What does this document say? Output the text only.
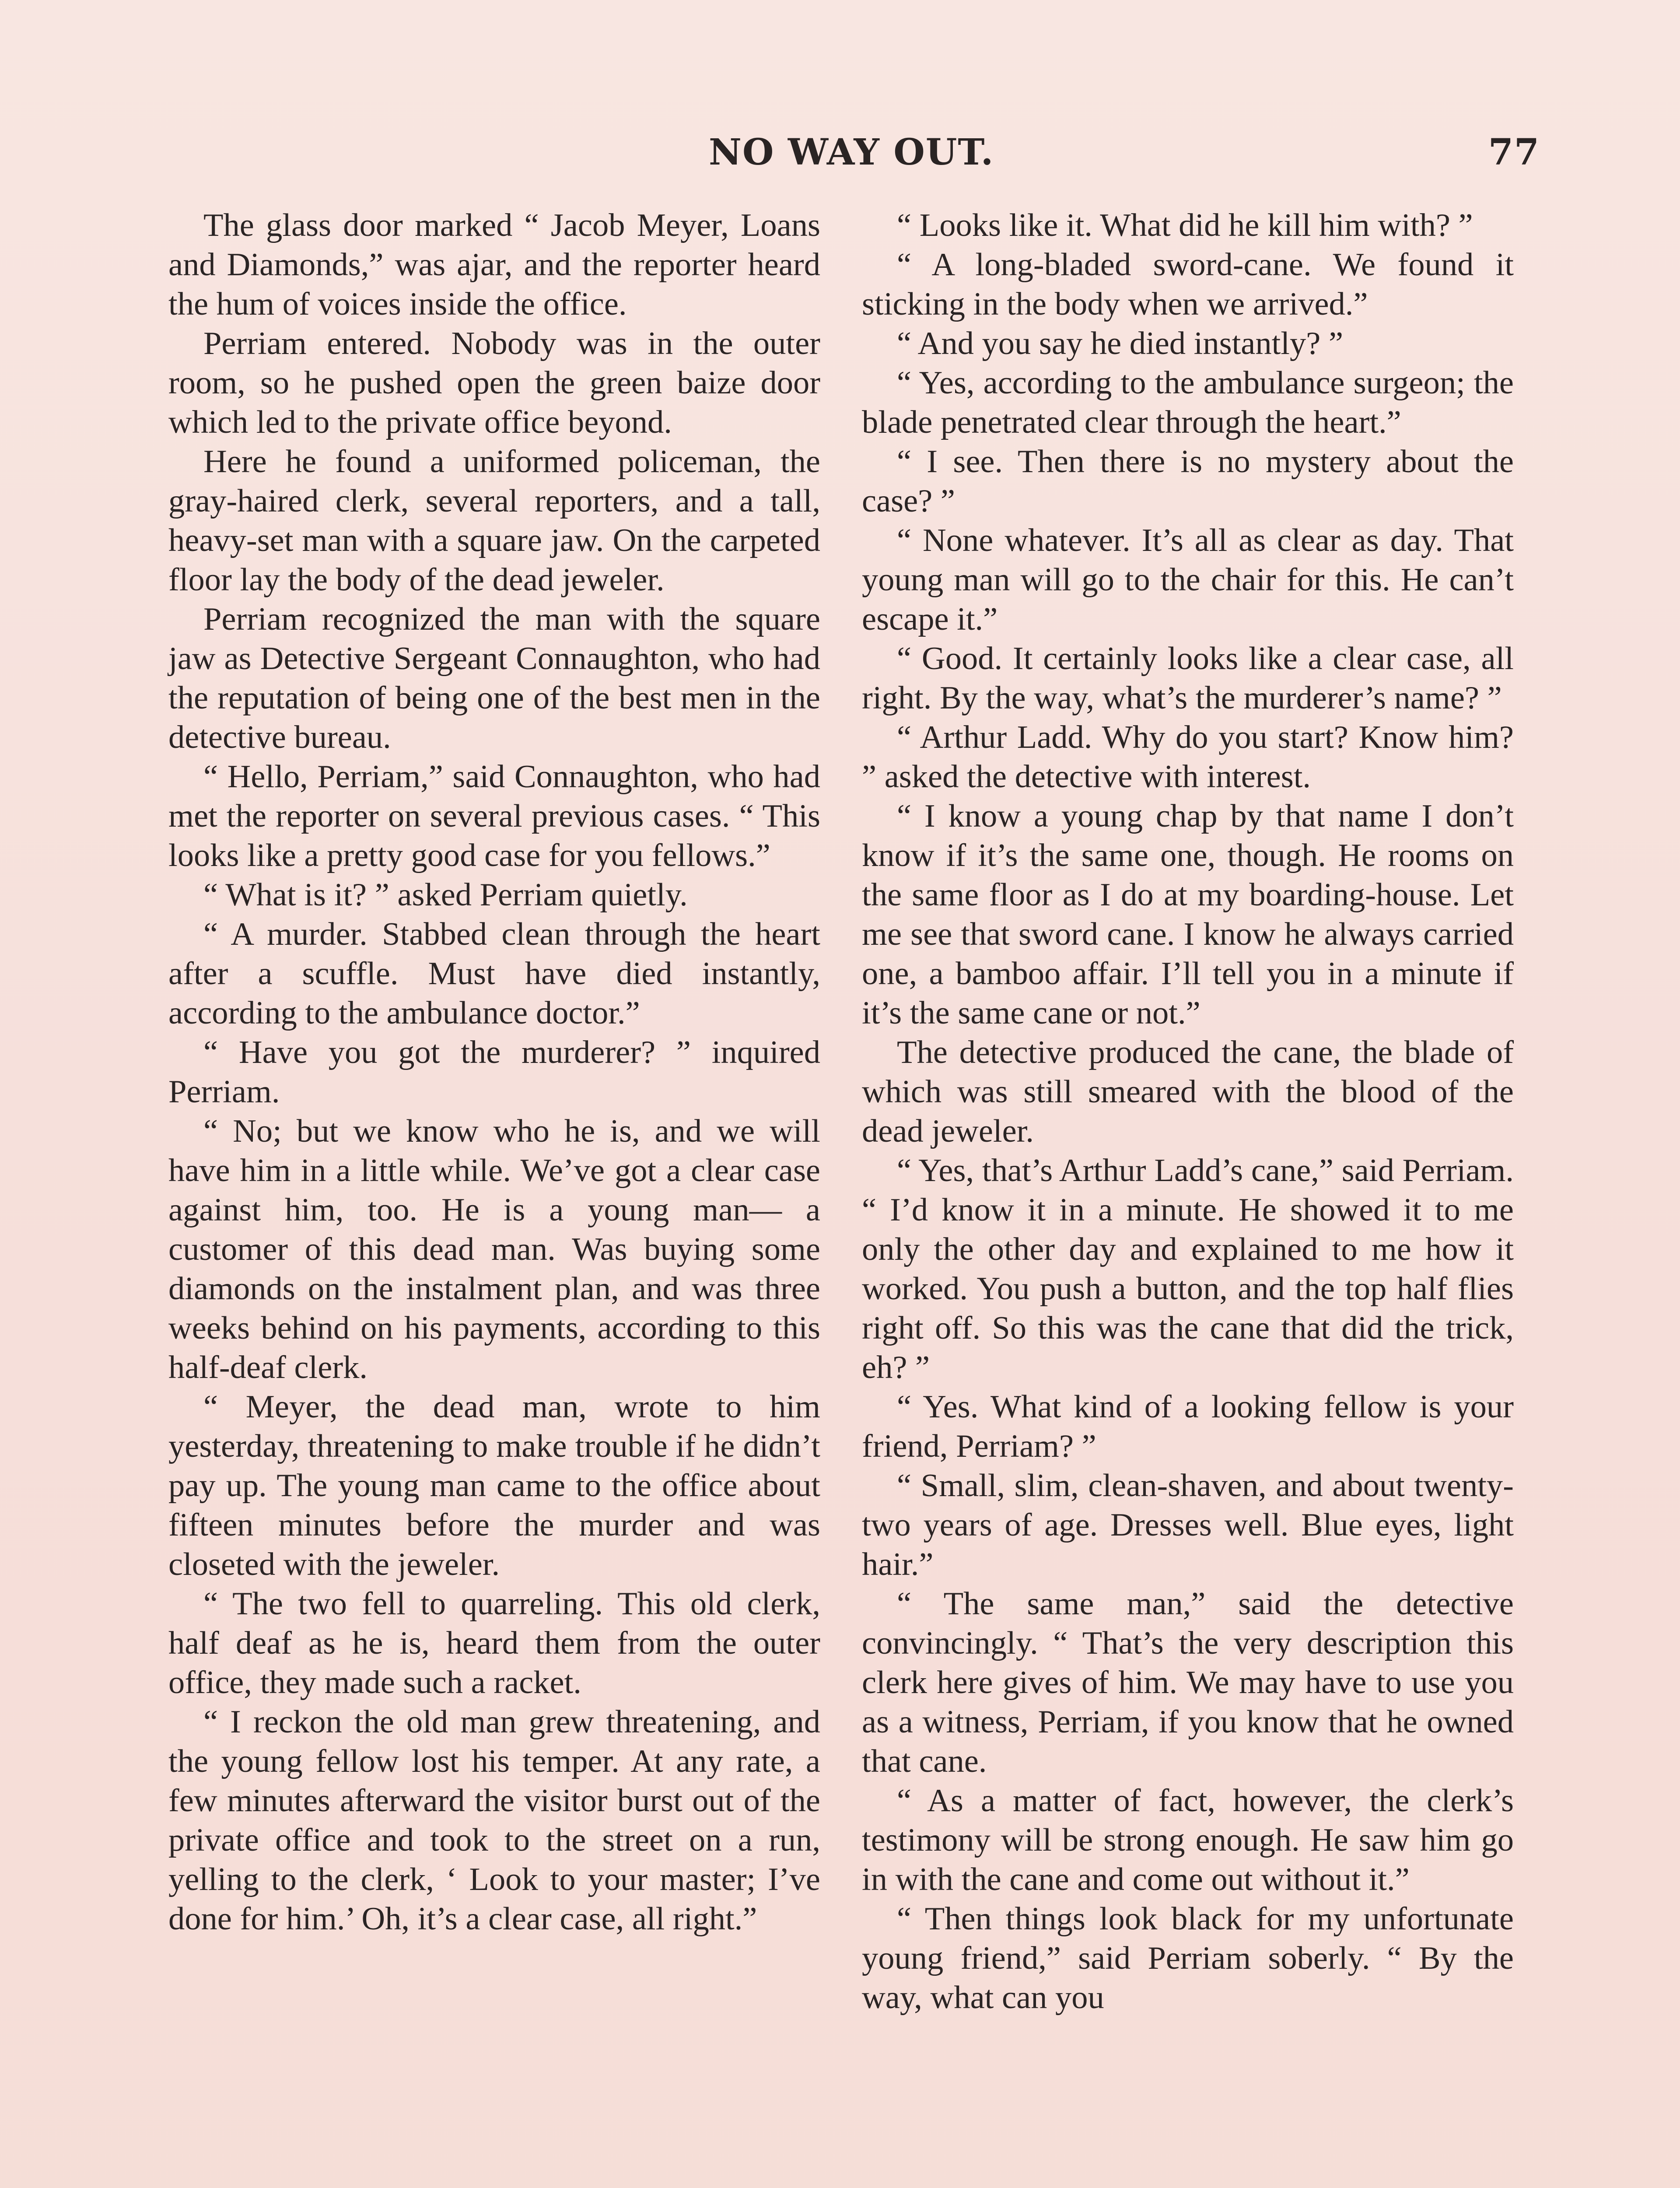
NO WAY OUT.	77

The glass door marked “ Jacob Meyer, Loans and Diamonds,” was ajar, and the reporter heard the hum of voices inside the office.

Perriam entered. Nobody was in the outer room, so he pushed open the green baize door which led to the private office beyond.

Here he found a uniformed policeman, the gray-haired clerk, several reporters, and a tall, heavy-set man with a square jaw. On the carpeted floor lay the body of the dead jeweler.

Perriam recognized the man with the square jaw as Detective Sergeant Connaughton, who had the reputation of being one of the best men in the detective bureau.

“ Hello, Perriam,” said Connaughton, who had met the reporter on several previous cases. “ This looks like a pretty good case for you fellows.”

“ What is it? ” asked Perriam quietly.

“ A murder. Stabbed clean through the heart after a scuffle. Must have died instantly, according to the ambulance doctor.”

“ Have you got the murderer? ” inquired Perriam.

“ No; but we know who he is, and we will have him in a little while. We’ve got a clear case against him, too. He is a young man— a customer of this dead man. Was buying some diamonds on the instalment plan, and was three weeks behind on his payments, according to this half-deaf clerk.

“ Meyer, the dead man, wrote to him yesterday, threatening to make trouble if he didn’t pay up. The young man came to the office about fifteen minutes before the murder and was closeted with the jeweler.

“ The two fell to quarreling. This old clerk, half deaf as he is, heard them from the outer office, they made such a racket.

“ I reckon the old man grew threatening, and the young fellow lost his temper. At any rate, a few minutes afterward the visitor burst out of the private office and took to the street on a run, yelling to the clerk, ‘ Look to your master; I’ve done for him.’ Oh, it’s a clear case, all right.”

“ Looks like it. What did he kill him with? ”

“ A long-bladed sword-cane. We found it sticking in the body when we arrived.”

“ And you say he died instantly? ”

“ Yes, according to the ambulance surgeon; the blade penetrated clear through the heart.”

“ I see. Then there is no mystery about the case? ”

“ None whatever. It’s all as clear as day. That young man will go to the chair for this. He can’t escape it.”

“ Good. It certainly looks like a clear case, all right. By the way, what’s the murderer’s name? ”

“ Arthur Ladd. Why do you start? Know him? ” asked the detective with interest.

“ I know a young chap by that name I don’t know if it’s the same one, though. He rooms on the same floor as I do at my boarding-house. Let me see that sword cane. I know he always carried one, a bamboo affair. I’ll tell you in a minute if it’s the same cane or not.”

The detective produced the cane, the blade of which was still smeared with the blood of the dead jeweler.

“ Yes, that’s Arthur Ladd’s cane,” said Perriam. “ I’d know it in a minute. He showed it to me only the other day and explained to me how it worked. You push a button, and the top half flies right off. So this was the cane that did the trick, eh? ”

“ Yes. What kind of a looking fellow is your friend, Perriam? ”

“ Small, slim, clean-shaven, and about twenty-two years of age. Dresses well. Blue eyes, light hair.”

“ The same man,” said the detective convincingly. “ That’s the very description this clerk here gives of him. We may have to use you as a witness, Perriam, if you know that he owned that cane.

“ As a matter of fact, however, the clerk’s testimony will be strong enough. He saw him go in with the cane and come out without it.”

“ Then things look black for my unfortunate young friend,” said Perriam soberly. “ By the way, what can you
